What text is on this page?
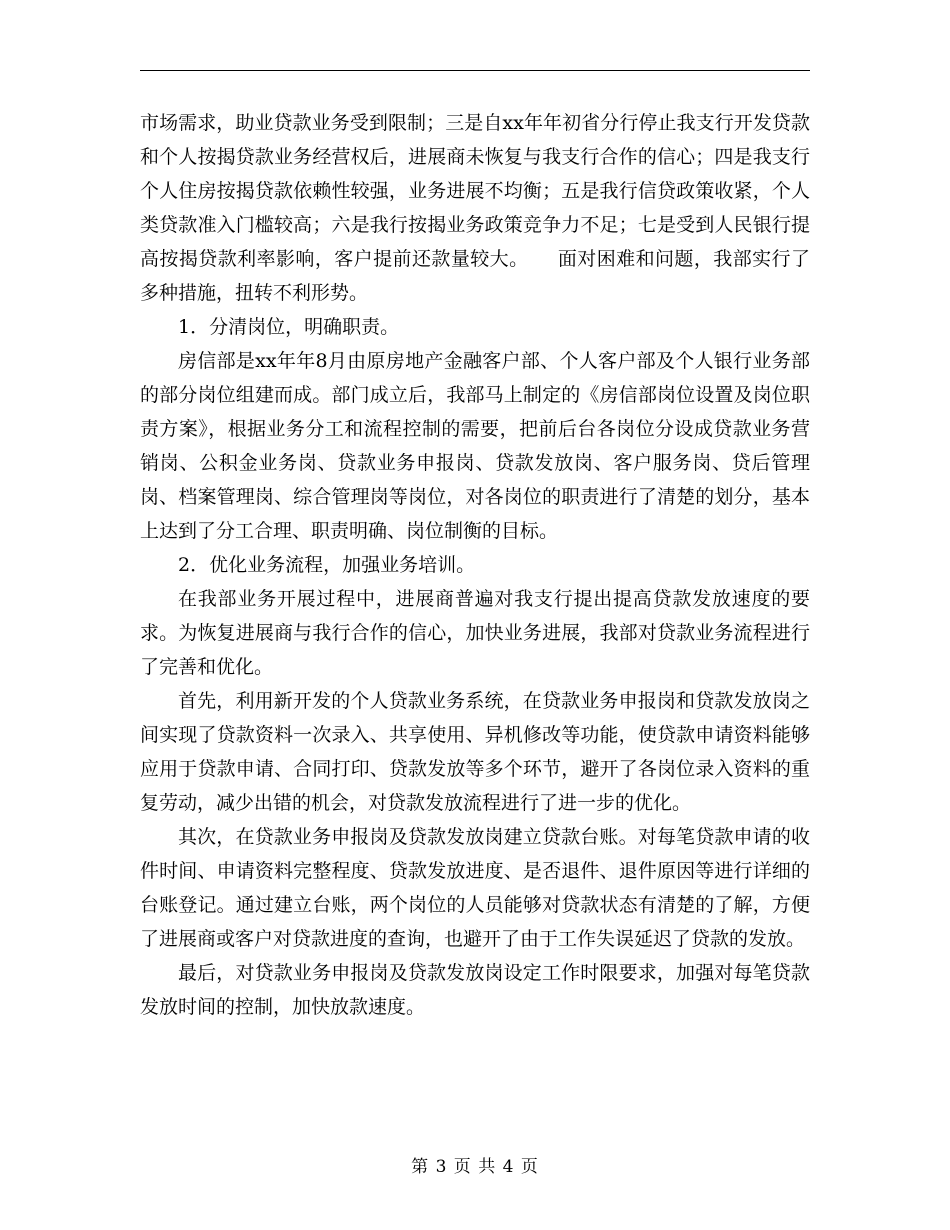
市场需求，助业贷款业务受到限制；三是自xx年年初省分行停止我支行开发贷款和个人按揭贷款业务经营权后，进展商未恢复与我支行合作的信心；四是我支行个人住房按揭贷款依赖性较强，业务进展不均衡；五是我行信贷政策收紧，个人类贷款准入门槛较高；六是我行按揭业务政策竞争力不足；七是受到人民银行提高按揭贷款利率影响，客户提前还款量较大。　　面对困难和问题，我部实行了多种措施，扭转不利形势。

1．分清岗位，明确职责。

房信部是xx年年8月由原房地产金融客户部、个人客户部及个人银行业务部的部分岗位组建而成。部门成立后，我部马上制定的《房信部岗位设置及岗位职责方案》，根据业务分工和流程控制的需要，把前后台各岗位分设成贷款业务营销岗、公积金业务岗、贷款业务申报岗、贷款发放岗、客户服务岗、贷后管理岗、档案管理岗、综合管理岗等岗位，对各岗位的职责进行了清楚的划分，基本上达到了分工合理、职责明确、岗位制衡的目标。

2．优化业务流程，加强业务培训。

在我部业务开展过程中，进展商普遍对我支行提出提高贷款发放速度的要求。为恢复进展商与我行合作的信心，加快业务进展，我部对贷款业务流程进行了完善和优化。

首先，利用新开发的个人贷款业务系统，在贷款业务申报岗和贷款发放岗之间实现了贷款资料一次录入、共享使用、异机修改等功能，使贷款申请资料能够应用于贷款申请、合同打印、贷款发放等多个环节，避开了各岗位录入资料的重复劳动，减少出错的机会，对贷款发放流程进行了进一步的优化。

其次，在贷款业务申报岗及贷款发放岗建立贷款台账。对每笔贷款申请的收件时间、申请资料完整程度、贷款发放进度、是否退件、退件原因等进行详细的台账登记。通过建立台账，两个岗位的人员能够对贷款状态有清楚的了解，方便了进展商或客户对贷款进度的查询，也避开了由于工作失误延迟了贷款的发放。

最后，对贷款业务申报岗及贷款发放岗设定工作时限要求，加强对每笔贷款发放时间的控制，加快放款速度。

第 3 页 共 4 页
